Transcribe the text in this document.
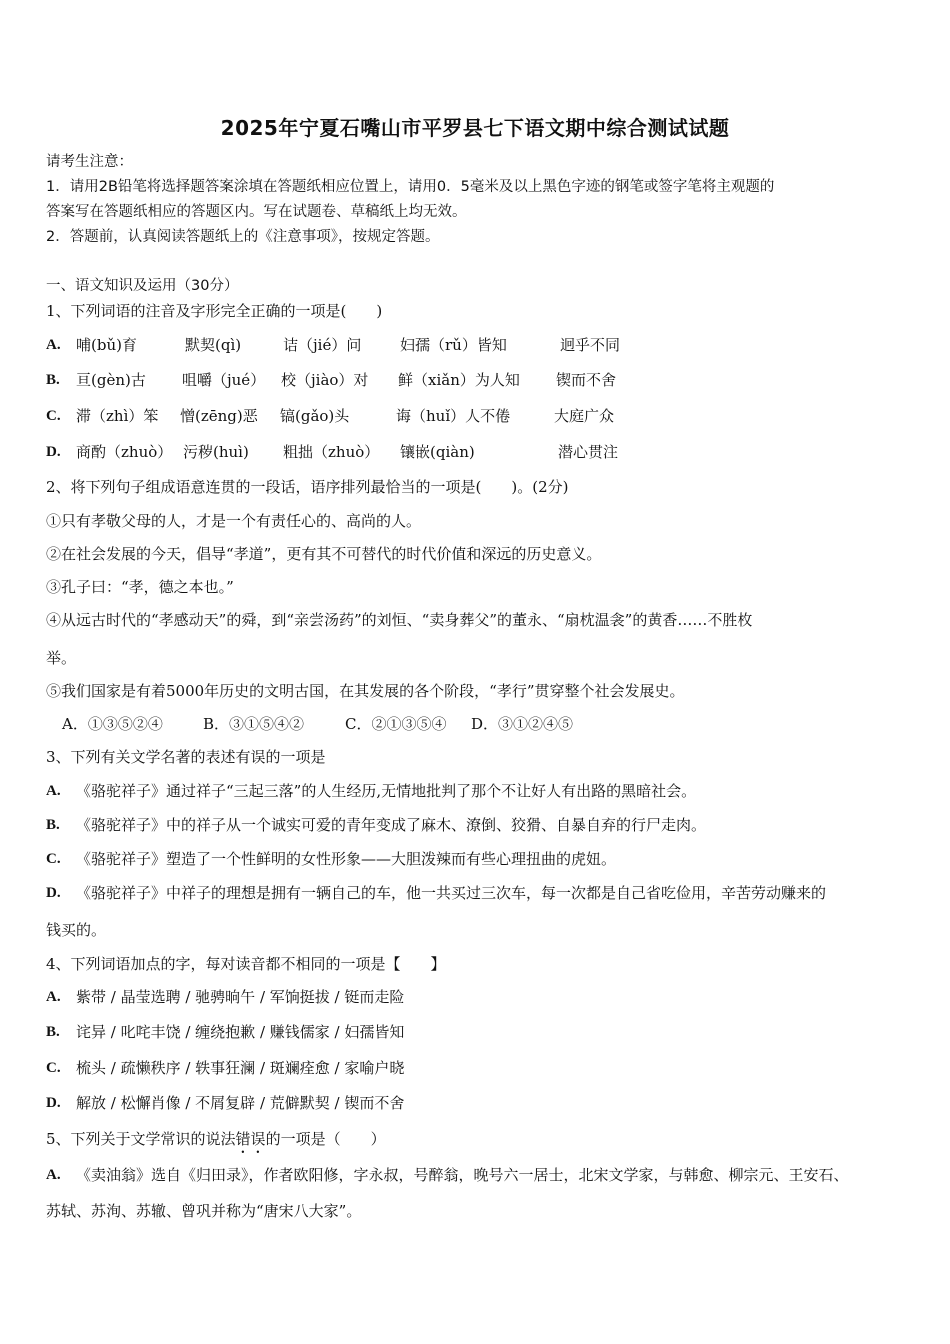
2025年宁夏石嘴山市平罗县七下语文期中综合测试试题
请考生注意：
1．请用2B铅笔将选择题答案涂填在答题纸相应位置上，请用0．5毫米及以上黑色字迹的钢笔或签字笔将主观题的
答案写在答题纸相应的答题区内。写在试题卷、草稿纸上均无效。
2．答题前，认真阅读答题纸上的《注意事项》，按规定答题。
一、语文知识及运用（30分）
1、下列词语的注音及字形完全正确的一项是(　　)
A. 哺(bǔ)育	默契(qì)	诘（jié）问	妇孺（rǔ）皆知	迥乎不同
B. 亘(gèn)古 咀嚼（jué） 校（jiào）对 鲜（xiǎn）为人知 锲而不舍
C. 滞（zhì）笨 憎(zēng)恶 镐(gǎo)头	诲（huǐ）人不倦	大庭广众
D. 商酌（zhuò） 污秽(huì) 粗拙（zhuò） 镶嵌(qiàn)	潜心贯注
2、将下列句子组成语意连贯的一段话，语序排列最恰当的一项是(　　)。(2分)
①只有孝敬父母的人，才是一个有责任心的、高尚的人。
②在社会发展的今天，倡导“孝道”，更有其不可替代的时代价值和深远的历史意义。
③孔子曰：“孝，德之本也。”
④从远古时代的“孝感动天”的舜，到“亲尝汤药”的刘恒、“卖身葬父”的董永、“扇枕温衾”的黄香……不胜枚
举。
⑤我们国家是有着5000年历史的文明古国，在其发展的各个阶段，“孝行”贯穿整个社会发展史。
A．①③⑤②④	B．③①⑤④②	C．②①③⑤④ D．③①②④⑤
3、下列有关文学名著的表述有误的一项是
A. 《骆驼祥子》通过祥子“三起三落”的人生经历,无情地批判了那个不让好人有出路的黑暗社会。
B. 《骆驼祥子》中的祥子从一个诚实可爱的青年变成了麻木、潦倒、狡猾、自暴自弃的行尸走肉。
C. 《骆驼祥子》塑造了一个性鲜明的女性形象——大胆泼辣而有些心理扭曲的虎妞。
D. 《骆驼祥子》中祥子的理想是拥有一辆自己的车，他一共买过三次车，每一次都是自己省吃俭用，辛苦劳动赚来的
钱买的。
4、下列词语加点的字，每对读音都不相同的一项是【　　】
A. 紫带 / 晶莹选聘 / 驰骋晌午 / 军饷挺拔 / 铤而走险
B. 诧异 / 叱咤丰饶 / 缠绕抱歉 / 赚钱儒家 / 妇孺皆知
C. 梳头 / 疏懒秩序 / 轶事狂澜 / 斑斓痊愈 / 家喻户晓
D. 解放 / 松懈肖像 / 不屑复辟 / 荒僻默契 / 锲而不舍
5、下列关于文学常识的说法错误的一项是（　　）
A. 《卖油翁》选自《归田录》，作者欧阳修，字永叔，号醉翁，晚号六一居士，北宋文学家，与韩愈、柳宗元、王安石、
苏轼、苏洵、苏辙、曾巩并称为“唐宋八大家”。
